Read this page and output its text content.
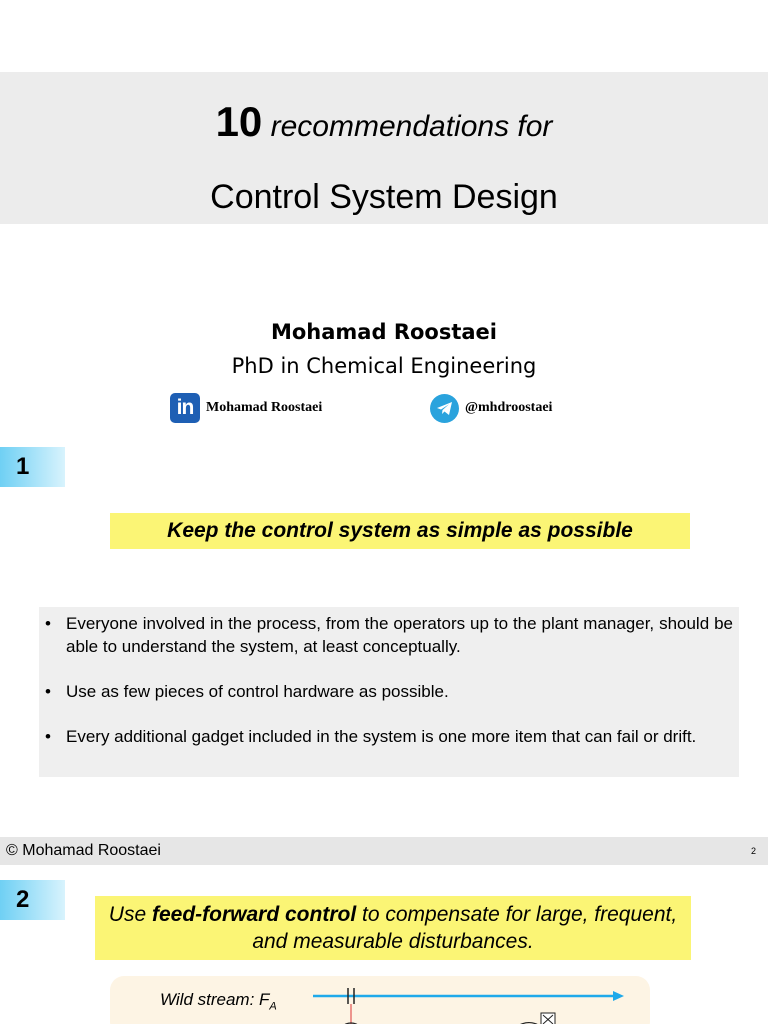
10 recommendations for
Control System Design
Mohamad Roostaei
PhD in Chemical Engineering
in Mohamad Roostaei	@mhdroostaei
1
Keep the control system as simple as possible
• Everyone involved in the process, from the operators up to the plant manager, should be able to understand the system, at least conceptually.
• Use as few pieces of control hardware as possible.
• Every additional gadget included in the system is one more item that can fail or drift.
© Mohamad Roostaei	2
2
Use feed-forward control to compensate for large, frequent, and measurable disturbances.
Wild stream: $F_A$
